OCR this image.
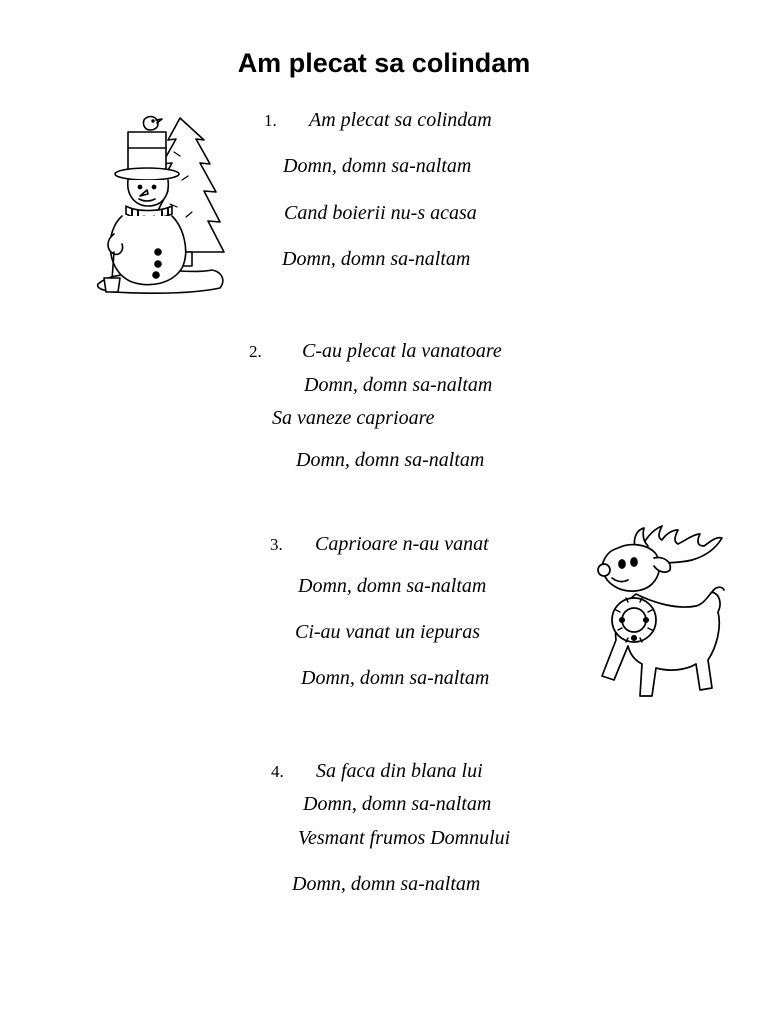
Am plecat sa colindam
1. Am plecat sa colindam
Domn, domn sa-naltam
Cand boierii nu-s acasa
Domn, domn sa-naltam
2. C-au plecat la vanatoare
Domn, domn sa-naltam
Sa vaneze caprioare
Domn, domn sa-naltam
3. Caprioare n-au vanat
Domn, domn sa-naltam
Ci-au vanat un iepuras
Domn, domn sa-naltam
4. Sa faca din blana lui
Domn, domn sa-naltam
Vesmant frumos Domnului
Domn, domn sa-naltam
